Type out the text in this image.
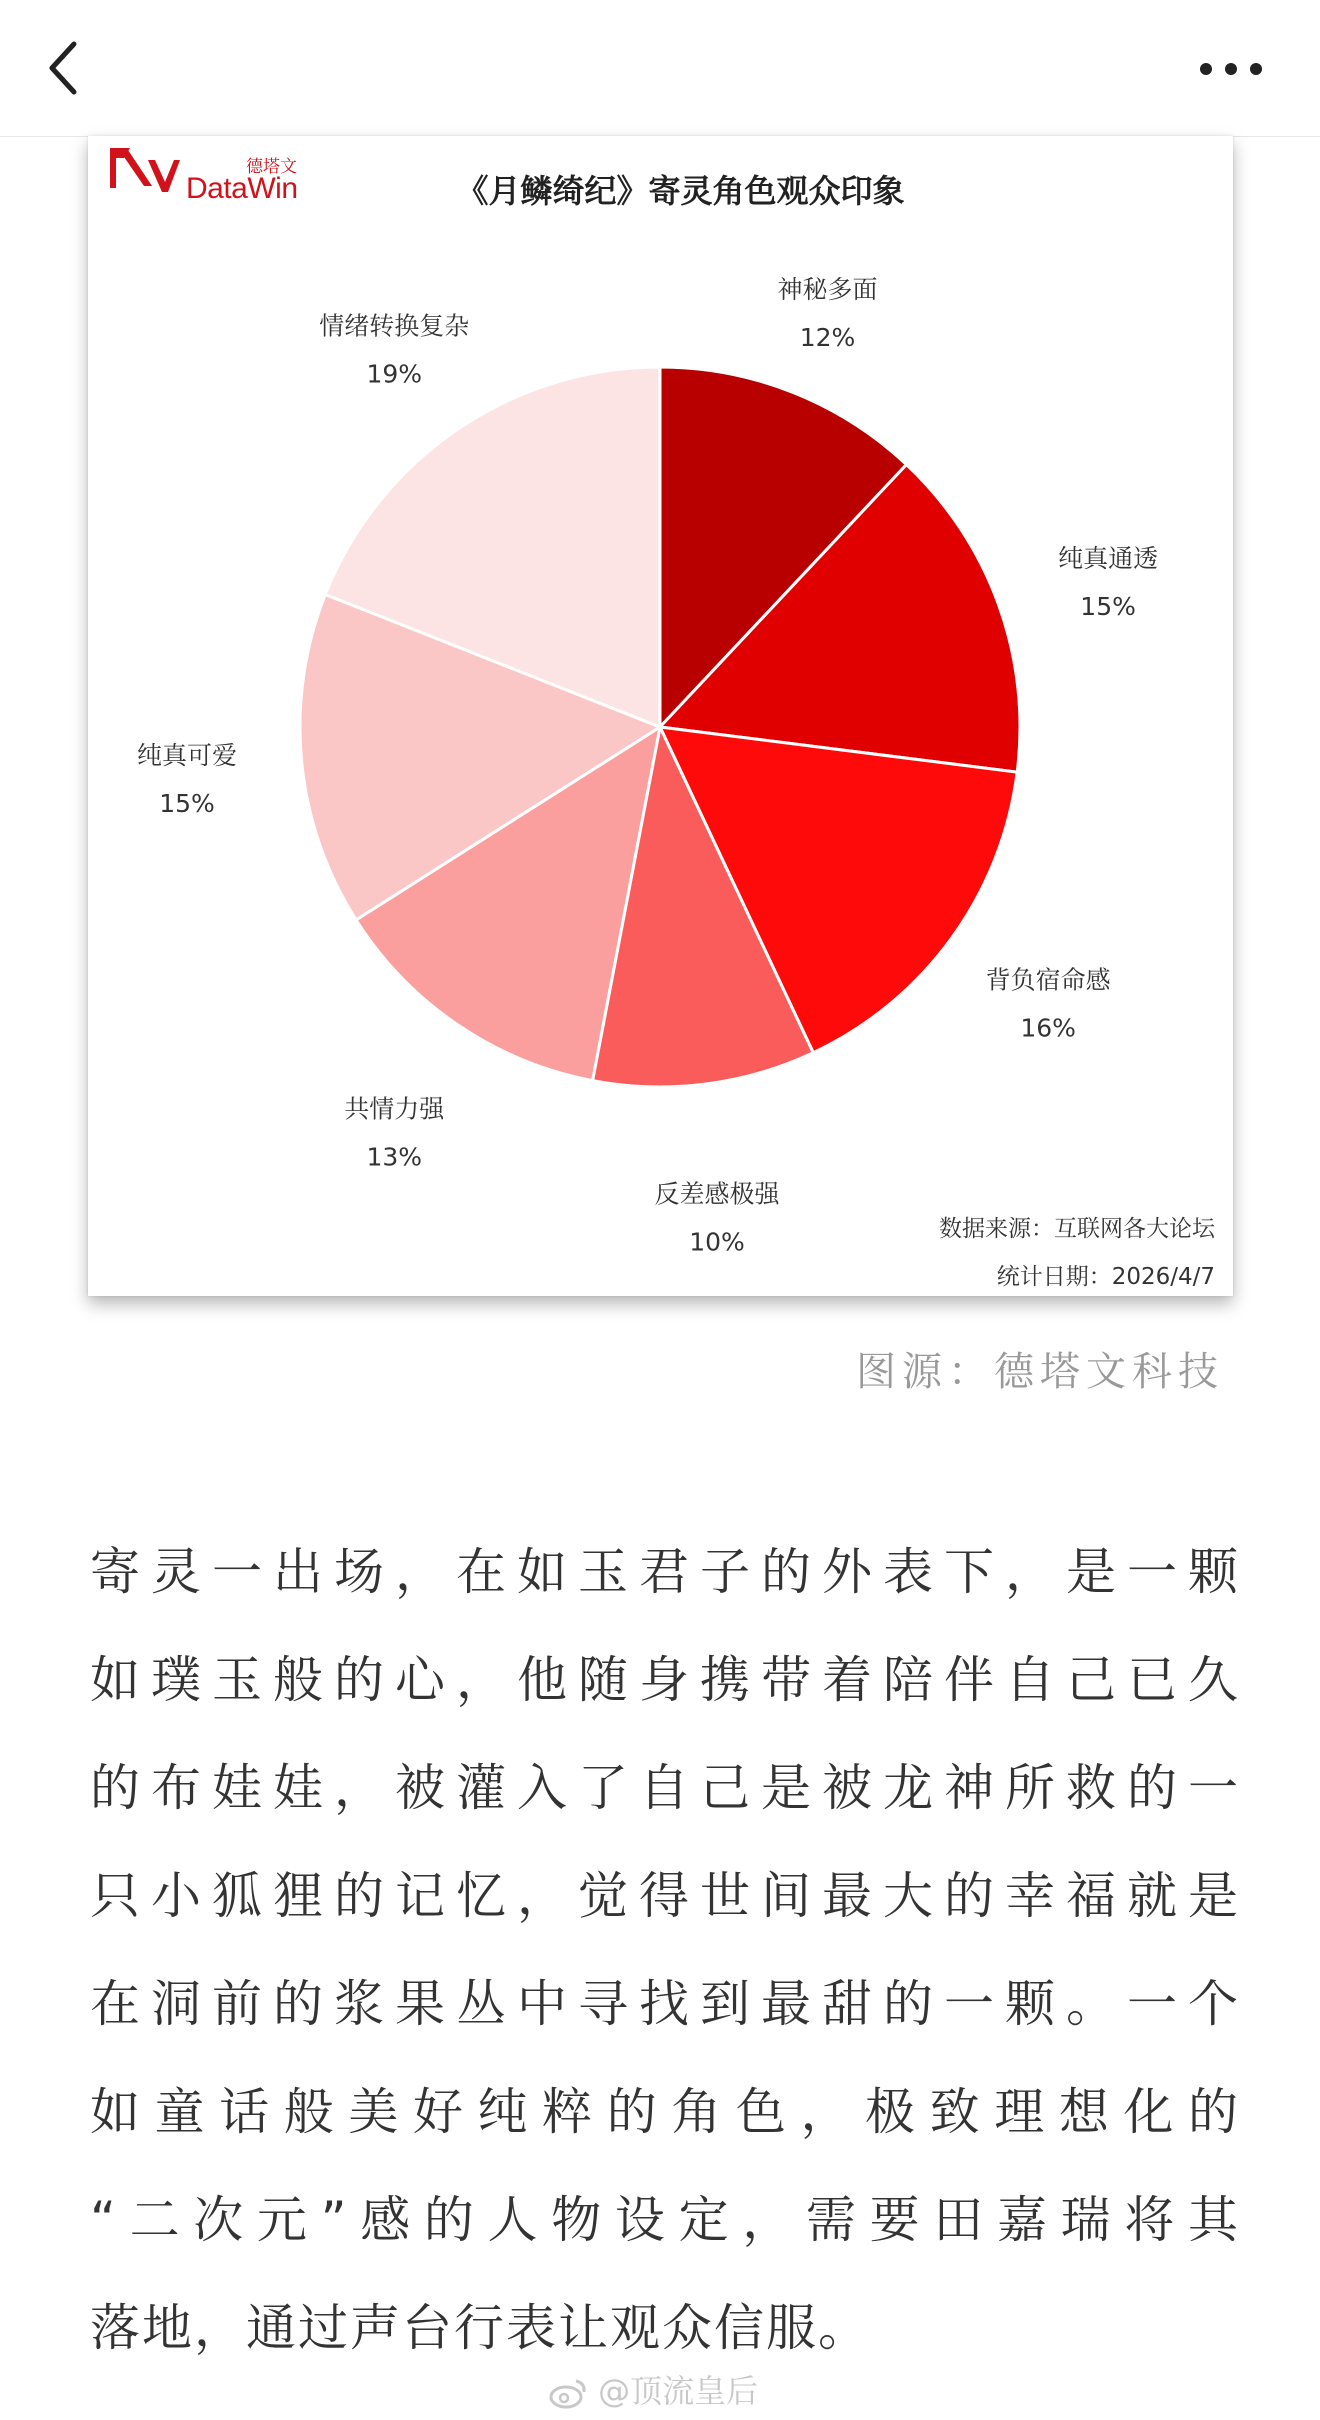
神秘多面
12%
纯真通透
15%
背负宿命感
16%
反差感极强
10%
共情力强
13%
纯真可爱
15%
情绪转换复杂
19%
德塔文
DataWin	《月鳞绮纪》寄灵角色观众印象
数据来源：互联网各大论坛
统计日期：2026/4/7
图源：德塔文科技
寄灵一出场，在如玉君子的外表下，是一颗
如璞玉般的心，他随身携带着陪伴自己已久
的布娃娃，被灌入了自己是被龙神所救的一
只小狐狸的记忆，觉得世间最大的幸福就是
在洞前的浆果丛中寻找到最甜的一颗。一个
如童话般美好纯粹的角色，极致理想化的
“二次元”感的人物设定，需要田嘉瑞将其
落地，通过声台行表让观众信服。
@顶流皇后
